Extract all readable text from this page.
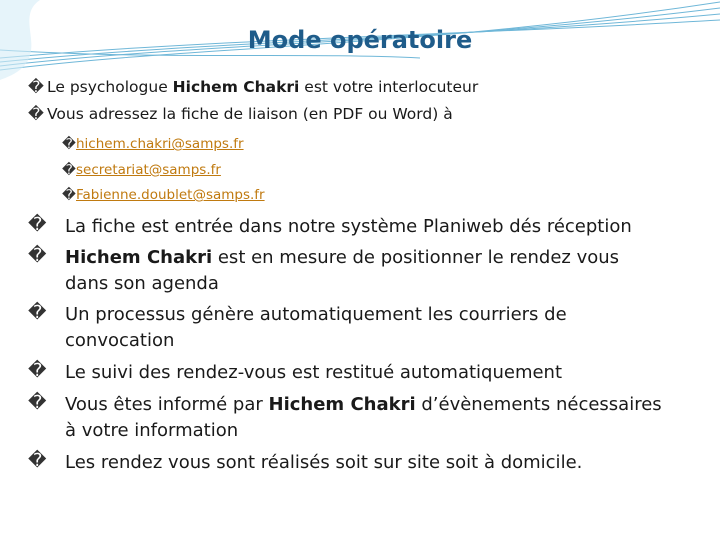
Mode opératoire
� Le psychologue Hichem Chakri est votre interlocuteur
� Vous adressez la fiche de liaison (en PDF ou Word) à
� hichem.chakri@samps.fr
� secretariat@samps.fr
� Fabienne.doublet@samps.fr
� La fiche est entrée dans notre système Planiweb dés réception
� Hichem Chakri est en mesure de positionner le rendez vous
dans son agenda
� Un processus génère automatiquement les courriers de
convocation
� Le suivi des rendez-vous est restitué automatiquement
� Vous êtes informé par Hichem Chakri d’évènements nécessaires
à votre information
� Les rendez vous sont réalisés soit sur site soit à domicile.
